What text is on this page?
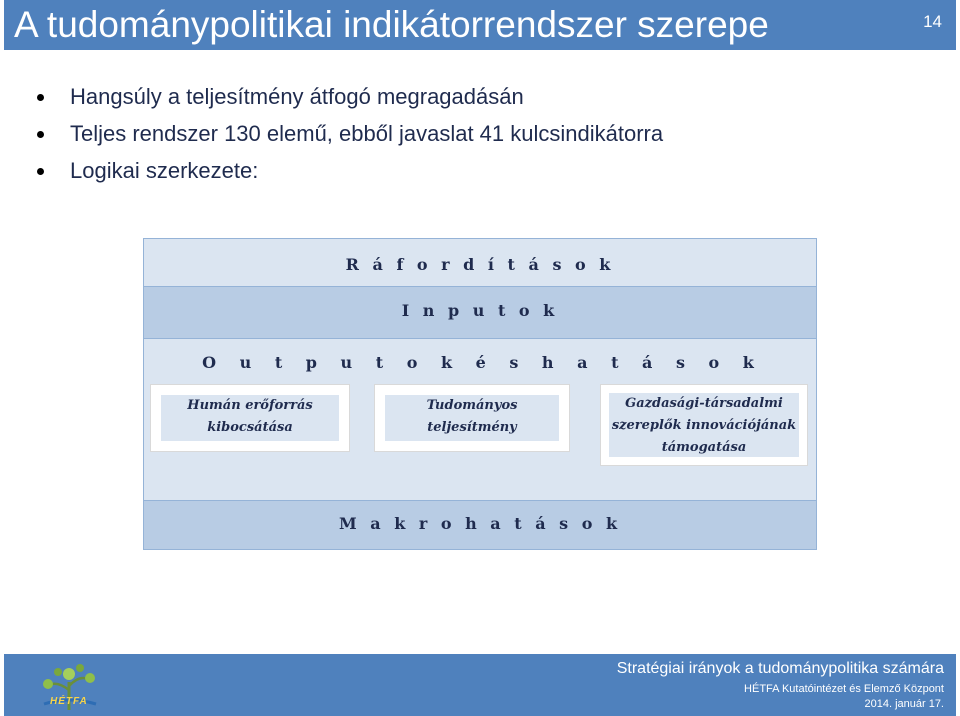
A tudománypolitikai indikátorrendszer szerepe	14
Hangsúly a teljesítmény átfogó megragadásán
Teljes rendszer 130 elemű, ebből javaslat 41 kulcsindikátorra
Logikai szerkezete:
R á f o r d í t á s o k
I n p u t o k
O u t p u t o k é s h a t á s o k
M a k r o h a t á s o k
Humán erőforrás
kibocsátása
Tudományos
teljesítmény
Gazdasági-társadalmi
szereplők innovációjának
támogatása
HÉTFA
Stratégiai irányok a tudománypolitika számára
HÉTFA Kutatóintézet és Elemző Központ
2014. január 17.
